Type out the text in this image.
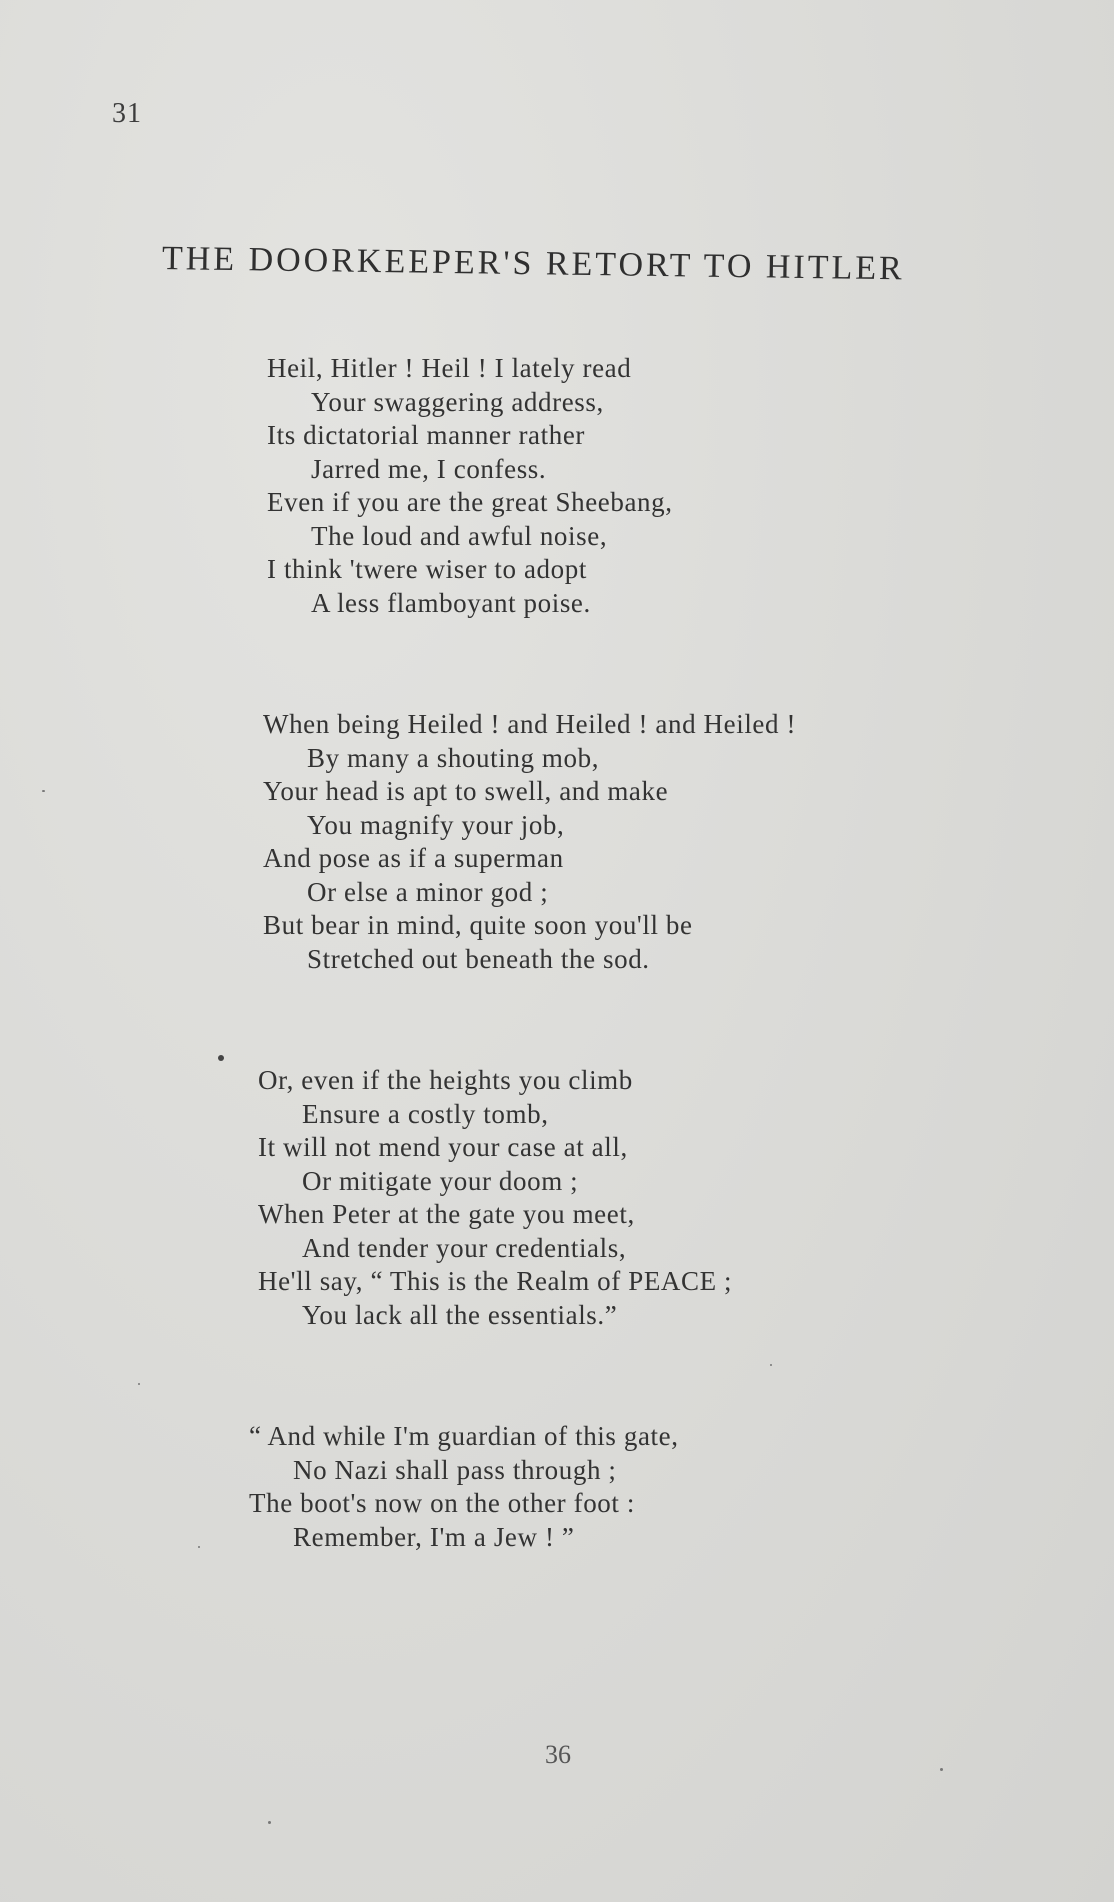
31
THE DOORKEEPER'S RETORT TO HITLER
Heil, Hitler ! Heil ! I lately read
Your swaggering address,
Its dictatorial manner rather
Jarred me, I confess.
Even if you are the great Sheebang,
The loud and awful noise,
I think 'twere wiser to adopt
A less flamboyant poise.
When being Heiled ! and Heiled ! and Heiled !
By many a shouting mob,
Your head is apt to swell, and make
You magnify your job,
And pose as if a superman
Or else a minor god ;
But bear in mind, quite soon you'll be
Stretched out beneath the sod.
Or, even if the heights you climb
Ensure a costly tomb,
It will not mend your case at all,
Or mitigate your doom ;
When Peter at the gate you meet,
And tender your credentials,
He'll say, “ This is the Realm of PEACE ;
You lack all the essentials.”
“ And while I'm guardian of this gate,
No Nazi shall pass through ;
The boot's now on the other foot :
Remember, I'm a Jew ! ”
36
